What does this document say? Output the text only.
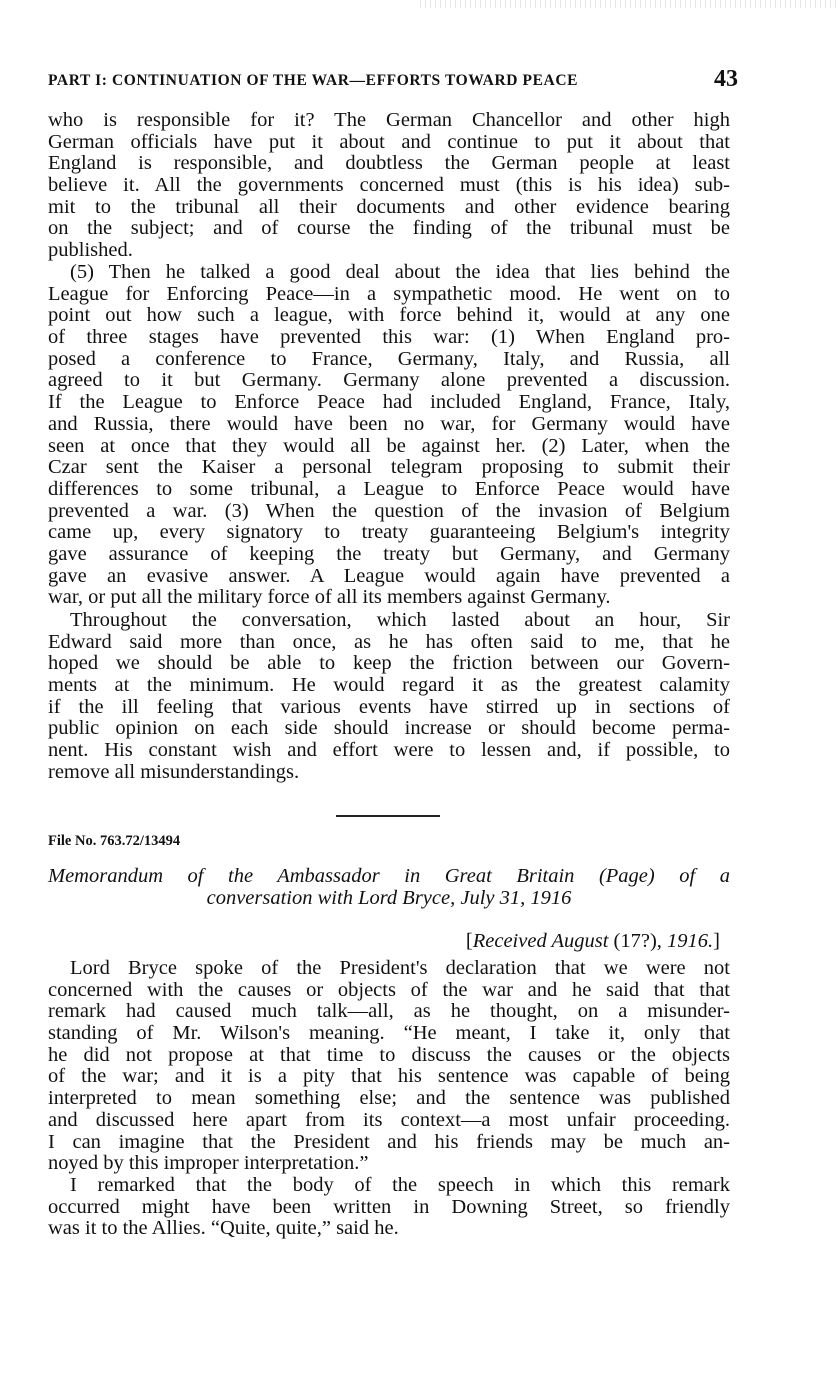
PART I: CONTINUATION OF THE WAR—EFFORTS TOWARD PEACE	43
who is responsible for it? The German Chancellor and other high
German officials have put it about and continue to put it about that
England is responsible, and doubtless the German people at least
believe it. All the governments concerned must (this is his idea) sub-
mit to the tribunal all their documents and other evidence bearing
on the subject; and of course the finding of the tribunal must be
published.
(5) Then he talked a good deal about the idea that lies behind the
League for Enforcing Peace—in a sympathetic mood. He went on to
point out how such a league, with force behind it, would at any one
of three stages have prevented this war: (1) When England pro-
posed a conference to France, Germany, Italy, and Russia, all
agreed to it but Germany. Germany alone prevented a discussion.
If the League to Enforce Peace had included England, France, Italy,
and Russia, there would have been no war, for Germany would have
seen at once that they would all be against her. (2) Later, when the
Czar sent the Kaiser a personal telegram proposing to submit their
differences to some tribunal, a League to Enforce Peace would have
prevented a war. (3) When the question of the invasion of Belgium
came up, every signatory to treaty guaranteeing Belgium's integrity
gave assurance of keeping the treaty but Germany, and Germany
gave an evasive answer. A League would again have prevented a
war, or put all the military force of all its members against Germany.
Throughout the conversation, which lasted about an hour, Sir
Edward said more than once, as he has often said to me, that he
hoped we should be able to keep the friction between our Govern-
ments at the minimum. He would regard it as the greatest calamity
if the ill feeling that various events have stirred up in sections of
public opinion on each side should increase or should become perma-
nent. His constant wish and effort were to lessen and, if possible, to
remove all misunderstandings.
File No. 763.72/13494
Memorandum of the Ambassador in Great Britain (Page) of a
conversation with Lord Bryce, July 31, 1916
[Received August (17?), 1916.]
Lord Bryce spoke of the President's declaration that we were not
concerned with the causes or objects of the war and he said that that
remark had caused much talk—all, as he thought, on a misunder-
standing of Mr. Wilson's meaning. “He meant, I take it, only that
he did not propose at that time to discuss the causes or the objects
of the war; and it is a pity that his sentence was capable of being
interpreted to mean something else; and the sentence was published
and discussed here apart from its context—a most unfair proceeding.
I can imagine that the President and his friends may be much an-
noyed by this improper interpretation.”
I remarked that the body of the speech in which this remark
occurred might have been written in Downing Street, so friendly
was it to the Allies. “Quite, quite,” said he.
